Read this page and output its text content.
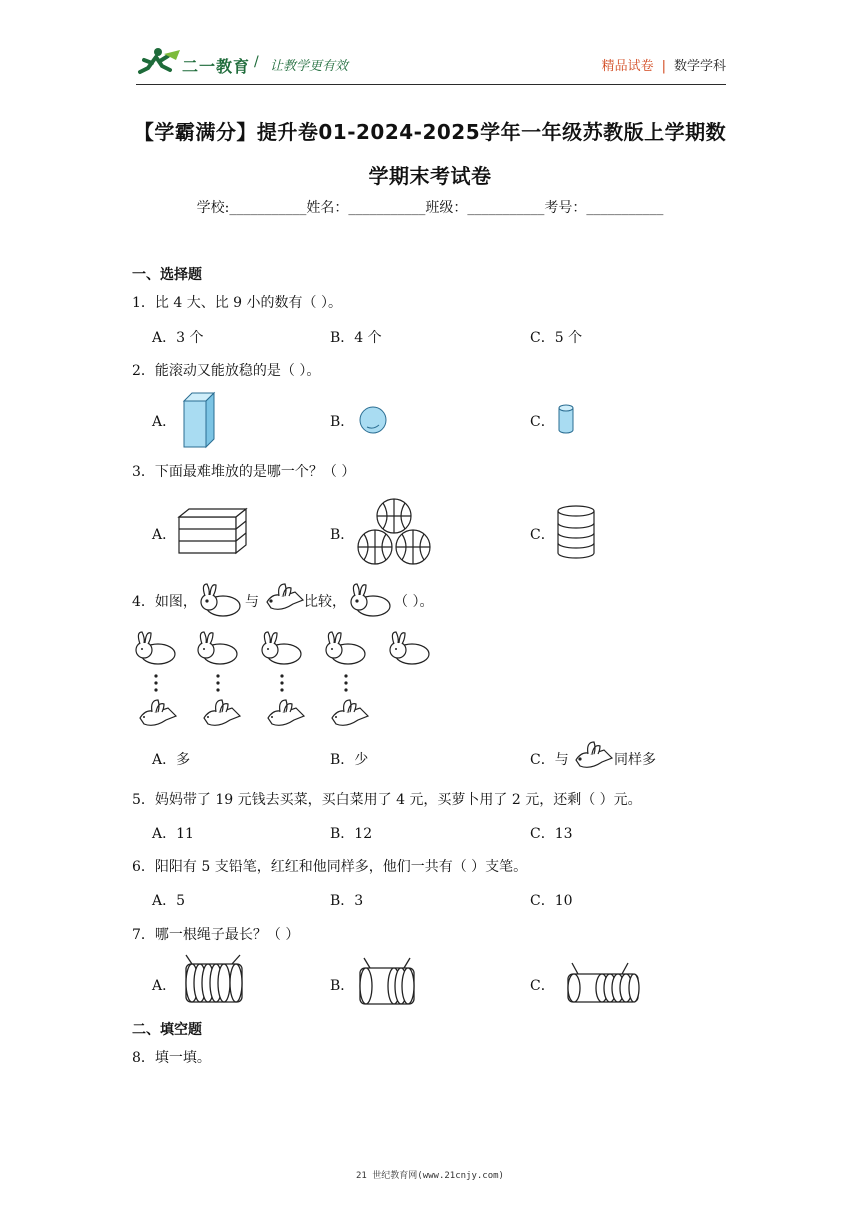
二一教育 / 让教学更有效	精品试卷 | 数学学科
【学霸满分】提升卷01-2024-2025学年一年级苏教版上学期数
学期末考试卷
学校:___________姓名：___________班级：___________考号：___________
一、选择题
1．比 4 大、比 9 小的数有（ ）。
A．3 个	B．4 个	C．5 个
2．能滚动又能放稳的是（ ）。
A．	B．	C．
3．下面最难堆放的是哪一个？（ ）
A．	B．	C．
4．如图，	与	比较，	（ ）。
A．多	B．少	C．与	同样多
5．妈妈带了 19 元钱去买菜，买白菜用了 4 元，买萝卜用了 2 元，还剩（ ）元。
A．11	B．12	C．13
6．阳阳有 5 支铅笔，红红和他同样多，他们一共有（ ）支笔。
A．5	B．3	C．10
7．哪一根绳子最长？（ ）
A．	B．	C．
二、填空题
8．填一填。
21 世纪教育网(www.21cnjy.com)
